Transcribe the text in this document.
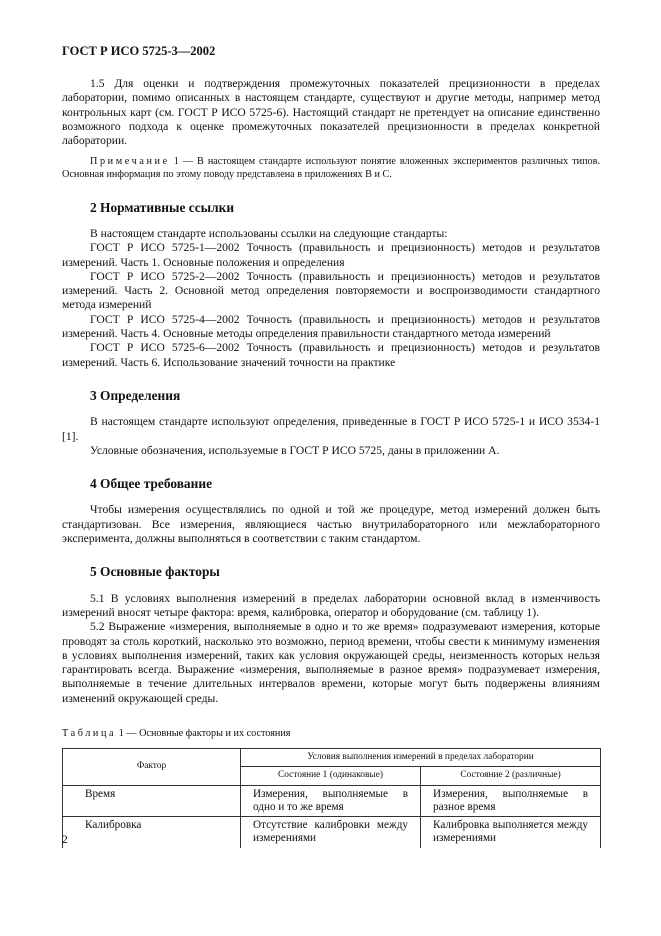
ГОСТ Р ИСО 5725-3—2002

1.5 Для оценки и подтверждения промежуточных показателей прецизионности в пределах лаборатории, помимо описанных в настоящем стандарте, существуют и другие методы, например метод контрольных карт (см. ГОСТ Р ИСО 5725-6). Настоящий стандарт не претендует на описание единственно возможного подхода к оценке промежуточных показателей прецизионности в пределах конкретной лаборатории.

Примечание 1 — В настоящем стандарте используют понятие вложенных экспериментов различных типов. Основная информация по этому поводу представлена в приложениях В и С.

2 Нормативные ссылки

В настоящем стандарте использованы ссылки на следующие стандарты:

ГОСТ Р ИСО 5725-1—2002 Точность (правильность и прецизионность) методов и результатов измерений. Часть 1. Основные положения и определения

ГОСТ Р ИСО 5725-2—2002 Точность (правильность и прецизионность) методов и результатов измерений. Часть 2. Основной метод определения повторяемости и воспроизводимости стандартного метода измерений

ГОСТ Р ИСО 5725-4—2002 Точность (правильность и прецизионность) методов и результатов измерений. Часть 4. Основные методы определения правильности стандартного метода измерений

ГОСТ Р ИСО 5725-6—2002 Точность (правильность и прецизионность) методов и результатов измерений. Часть 6. Использование значений точности на практике

3 Определения

В настоящем стандарте используют определения, приведенные в ГОСТ Р ИСО 5725-1 и ИСО 3534-1 [1].

Условные обозначения, используемые в ГОСТ Р ИСО 5725, даны в приложении А.

4 Общее требование

Чтобы измерения осуществлялись по одной и той же процедуре, метод измерений должен быть стандартизован. Все измерения, являющиеся частью внутрилабораторного или межлабораторного эксперимента, должны выполняться в соответствии с таким стандартом.

5 Основные факторы

5.1 В условиях выполнения измерений в пределах лаборатории основной вклад в изменчивость измерений вносят четыре фактора: время, калибровка, оператор и оборудование (см. таблицу 1).

5.2 Выражение «измерения, выполняемые в одно и то же время» подразумевают измерения, которые проводят за столь короткий, насколько это возможно, период времени, чтобы свести к минимуму изменения в условиях выполнения измерений, таких как условия окружающей среды, неизменность которых нельзя гарантировать всегда. Выражение «измерения, выполняемые в разное время» подразумевает измерения, выполняемые в течение длительных интервалов времени, которые могут быть подвержены влияниям изменений окружающей среды.

Таблица 1 — Основные факторы и их состояния
Фактор	Условия выполнения измерений в пределах лаборатории	
	Состояние 1 (одинаковые)	Состояние 2 (различные)
Время	Измерения, выполняемые в одно и то же время	Измерения, выполняемые в разное время
Калибровка	Отсутствие калибровки между измерениями	Калибровка выполняется между измерениями
2
